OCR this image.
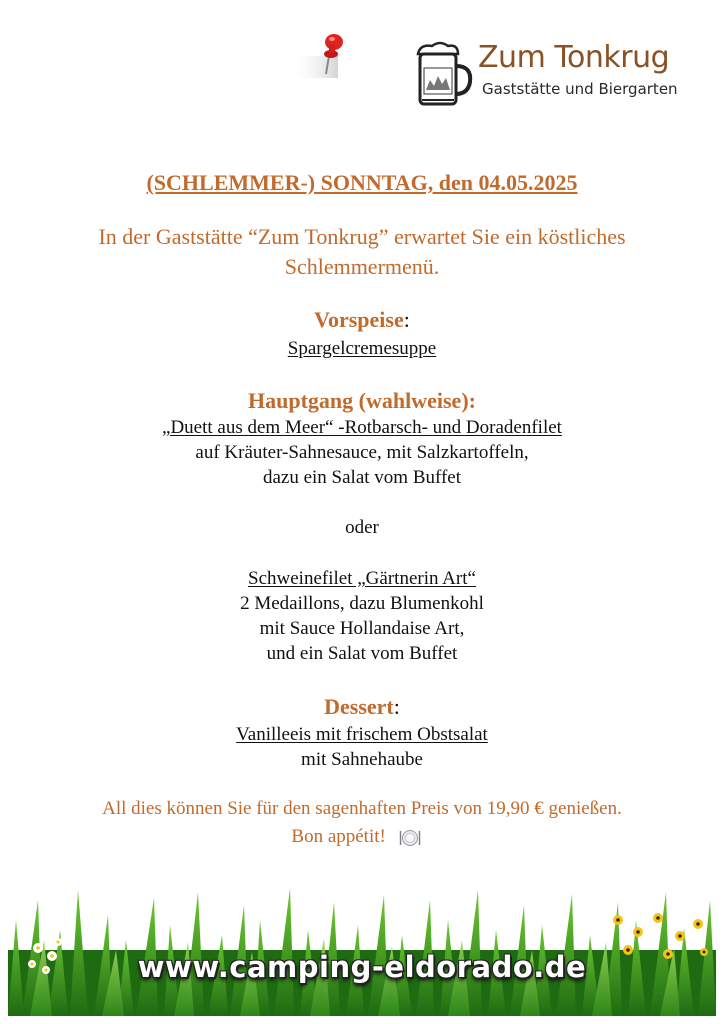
Zum Tonkrug
Gaststätte und Biergarten
(SCHLEMMER-) SONNTAG, den 04.05.2025
In der Gaststätte “Zum Tonkrug” erwartet Sie ein köstliches
Schlemmermenü.
Vorspeise:
Spargelcremesuppe
Hauptgang (wahlweise):
„Duett aus dem Meer“ -Rotbarsch- und Doradenfilet
auf Kräuter-Sahnesauce, mit Salzkartoffeln,
dazu ein Salat vom Buffet
oder
Schweinefilet „Gärtnerin Art“
2 Medaillons, dazu Blumenkohl
mit Sauce Hollandaise Art,
und ein Salat vom Buffet
Dessert:
Vanilleeis mit frischem Obstsalat
mit Sahnehaube
All dies können Sie für den sagenhaften Preis von 19,90 € genießen.
Bon appétit!
www.camping-eldorado.de
